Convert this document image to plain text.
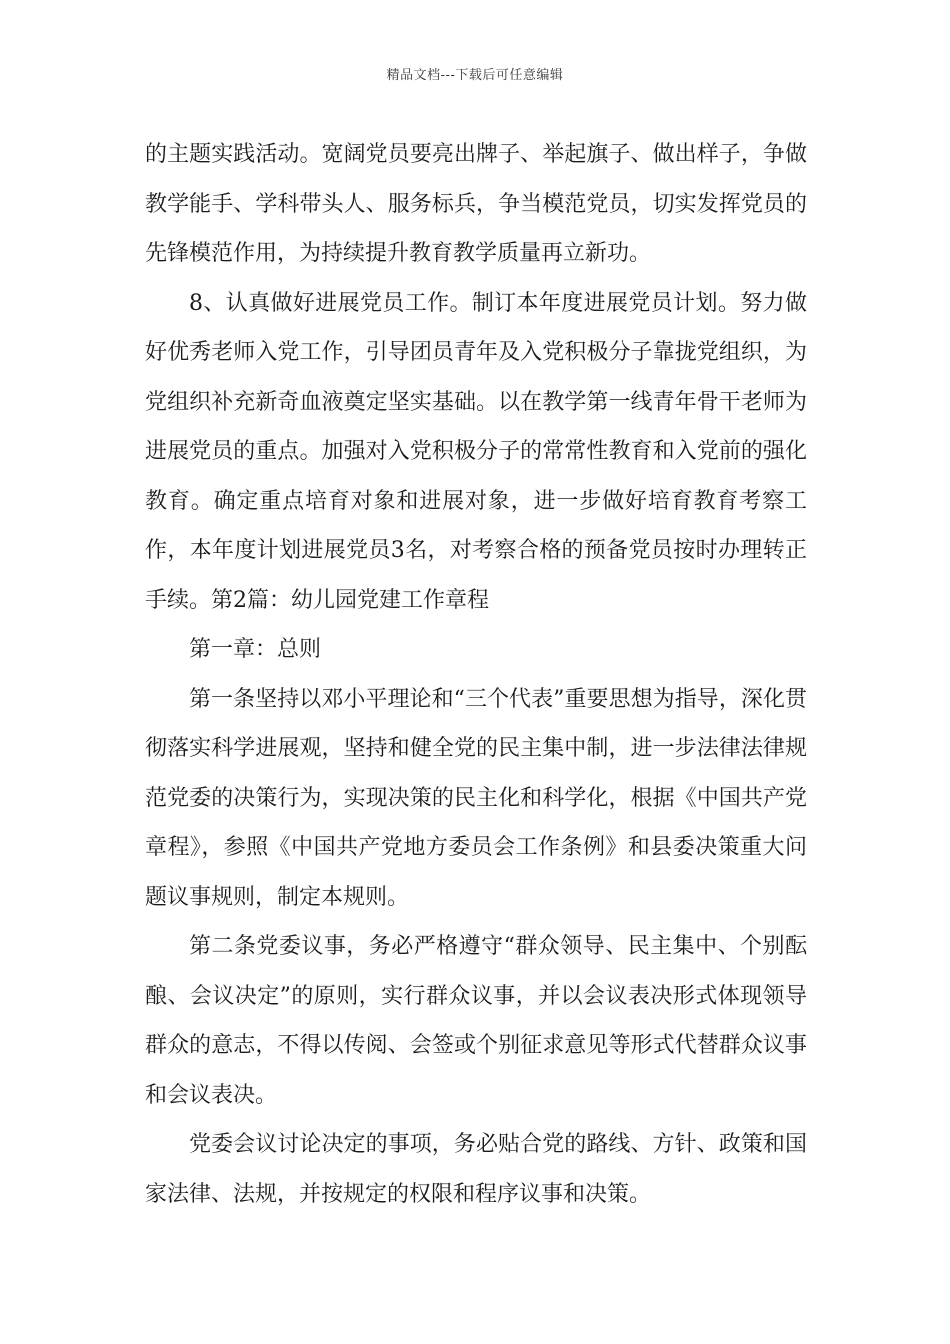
精品文档---下载后可任意编辑

的主题实践活动。宽阔党员要亮出牌子、举起旗子、做出样子，争做教学能手、学科带头人、服务标兵，争当模范党员，切实发挥党员的先锋模范作用，为持续提升教育教学质量再立新功。

8、认真做好进展党员工作。制订本年度进展党员计划。努力做好优秀老师入党工作，引导团员青年及入党积极分子靠拢党组织，为党组织补充新奇血液奠定坚实基础。以在教学第一线青年骨干老师为进展党员的重点。加强对入党积极分子的常常性教育和入党前的强化教育。确定重点培育对象和进展对象，进一步做好培育教育考察工作，本年度计划进展党员3名，对考察合格的预备党员按时办理转正手续。第2篇：幼儿园党建工作章程

第一章：总则

第一条坚持以邓小平理论和“三个代表”重要思想为指导，深化贯彻落实科学进展观，坚持和健全党的民主集中制，进一步法律法律规范党委的决策行为，实现决策的民主化和科学化，根据《中国共产党章程》，参照《中国共产党地方委员会工作条例》和县委决策重大问题议事规则，制定本规则。

第二条党委议事，务必严格遵守“群众领导、民主集中、个别酝酿、会议决定”的原则，实行群众议事，并以会议表决形式体现领导群众的意志，不得以传阅、会签或个别征求意见等形式代替群众议事和会议表决。

党委会议讨论决定的事项，务必贴合党的路线、方针、政策和国家法律、法规，并按规定的权限和程序议事和决策。
